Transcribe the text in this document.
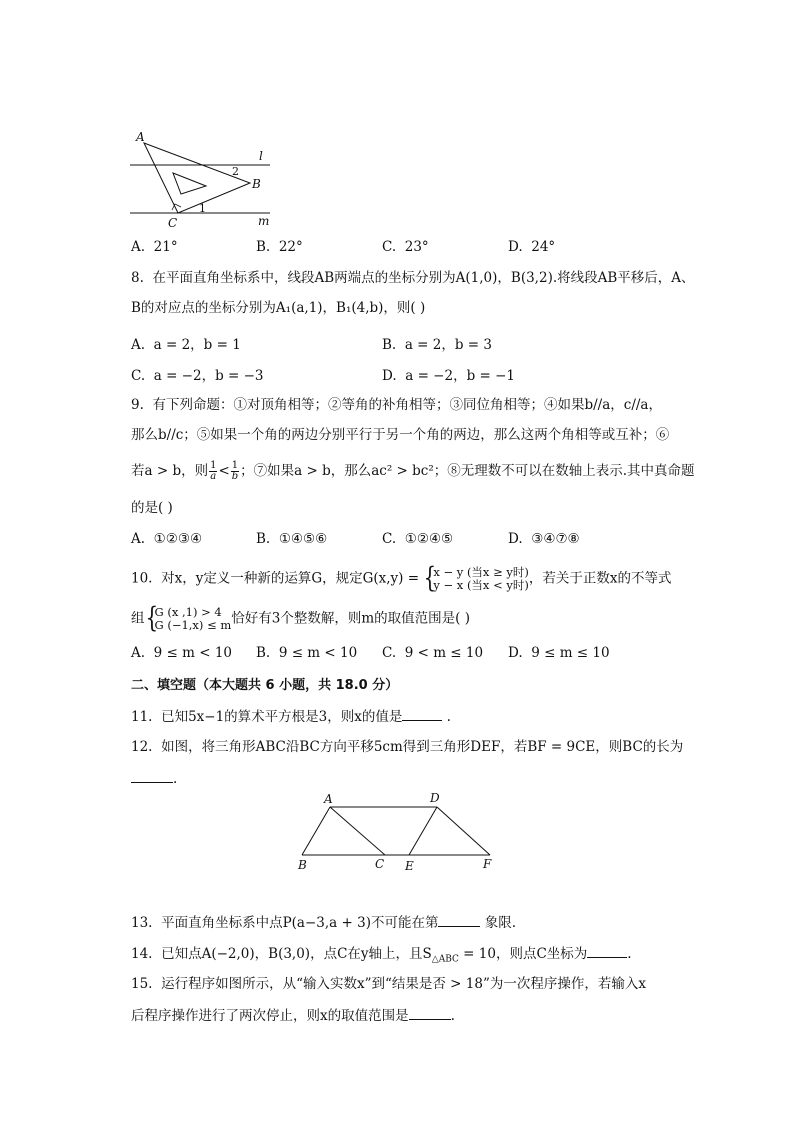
A
B
C
l
m
2
1
A. 21°	B. 22°	C. 23°	D. 24°
8. 在平面直角坐标系中，线段AB两端点的坐标分别为A(1,0)，B(3,2).将线段AB平移后，A、
B的对应点的坐标分别为A₁(a,1)，B₁(4,b)，则( )
A. a = 2，b = 1	B. a = 2，b = 3
C. a = −2，b = −3	D. a = −2，b = −1
9. 有下列命题：①对顶角相等；②等角的补角相等；③同位角相等；④如果b//a，c//a，
那么b//c；⑤如果一个角的两边分别平行于另一个角的两边，那么这两个角相等或互补；⑥
若a > b，则 $\frac{1}{a} < \frac{1}{b}$ ；⑦如果a > b，那么ac² > bc²；⑧无理数不可以在数轴上表示.其中真命题
的是( )
A. ①②③④	B. ①④⑤⑥	C. ①②④⑤	D. ③④⑦⑧
10. 对x，y定义一种新的运算G，规定G(x,y) = { x − y (当x ≥ y时)
y − x (当x < y时) ，若关于正数x的不等式
组 { G (x ,1) > 4
G (−1,x) ≤ m 恰好有3个整数解，则m的取值范围是( )
A. 9 ≤ m < 10 B. 9 ≤ m < 10 C. 9 < m ≤ 10 D. 9 ≤ m ≤ 10
二、填空题（本大题共 6 小题，共 18.0 分）
11. 已知5x−1的算术平方根是3，则x的值是	.
12. 如图，将三角形ABC沿BC方向平移5cm得到三角形DEF，若BF = 9CE，则BC的长为
.
A	D
B	C E	F
13. 平面直角坐标系中点P(a−3,a + 3)不可能在第	象限.
14. 已知点A(−2,0)，B(3,0)，点C在y轴上，且$S_{\triangle ABC} = 10$，则点C坐标为	.
15. 运行程序如图所示，从“输入实数x”到“结果是否 > 18”为一次程序操作，若输入x
后程序操作进行了两次停止，则x的取值范围是	.
